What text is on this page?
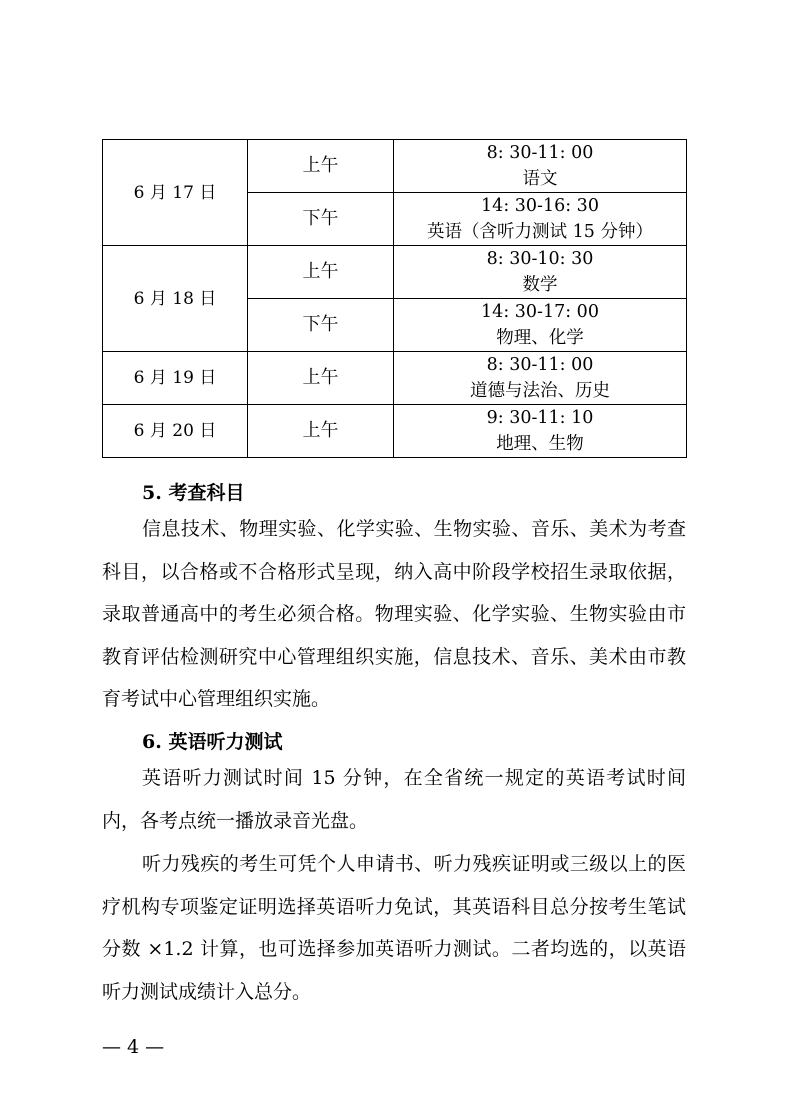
6 月 17 日	上午	8: 30-11: 00
语文

	下午	14: 30-16: 30
英语（含听力测试 15 分钟）

6 月 18 日	上午	8: 30-10: 30
数学

	下午	14: 30-17: 00
物理、化学

6 月 19 日	上午	8: 30-11: 00
道德与法治、历史

6 月 20 日	上午	9: 30-11: 10
地理、生物
5. 考查科目
信息技术、物理实验、化学实验、生物实验、音乐、美术为考查科目，以合格或不合格形式呈现，纳入高中阶段学校招生录取依据，录取普通高中的考生必须合格。物理实验、化学实验、生物实验由市教育评估检测研究中心管理组织实施，信息技术、音乐、美术由市教育考试中心管理组织实施。
6. 英语听力测试
英语听力测试时间 15 分钟，在全省统一规定的英语考试时间内，各考点统一播放录音光盘。
听力残疾的考生可凭个人申请书、听力残疾证明或三级以上的医疗机构专项鉴定证明选择英语听力免试，其英语科目总分按考生笔试分数 ×1.2 计算，也可选择参加英语听力测试。二者均选的，以英语听力测试成绩计入总分。
— 4 —
